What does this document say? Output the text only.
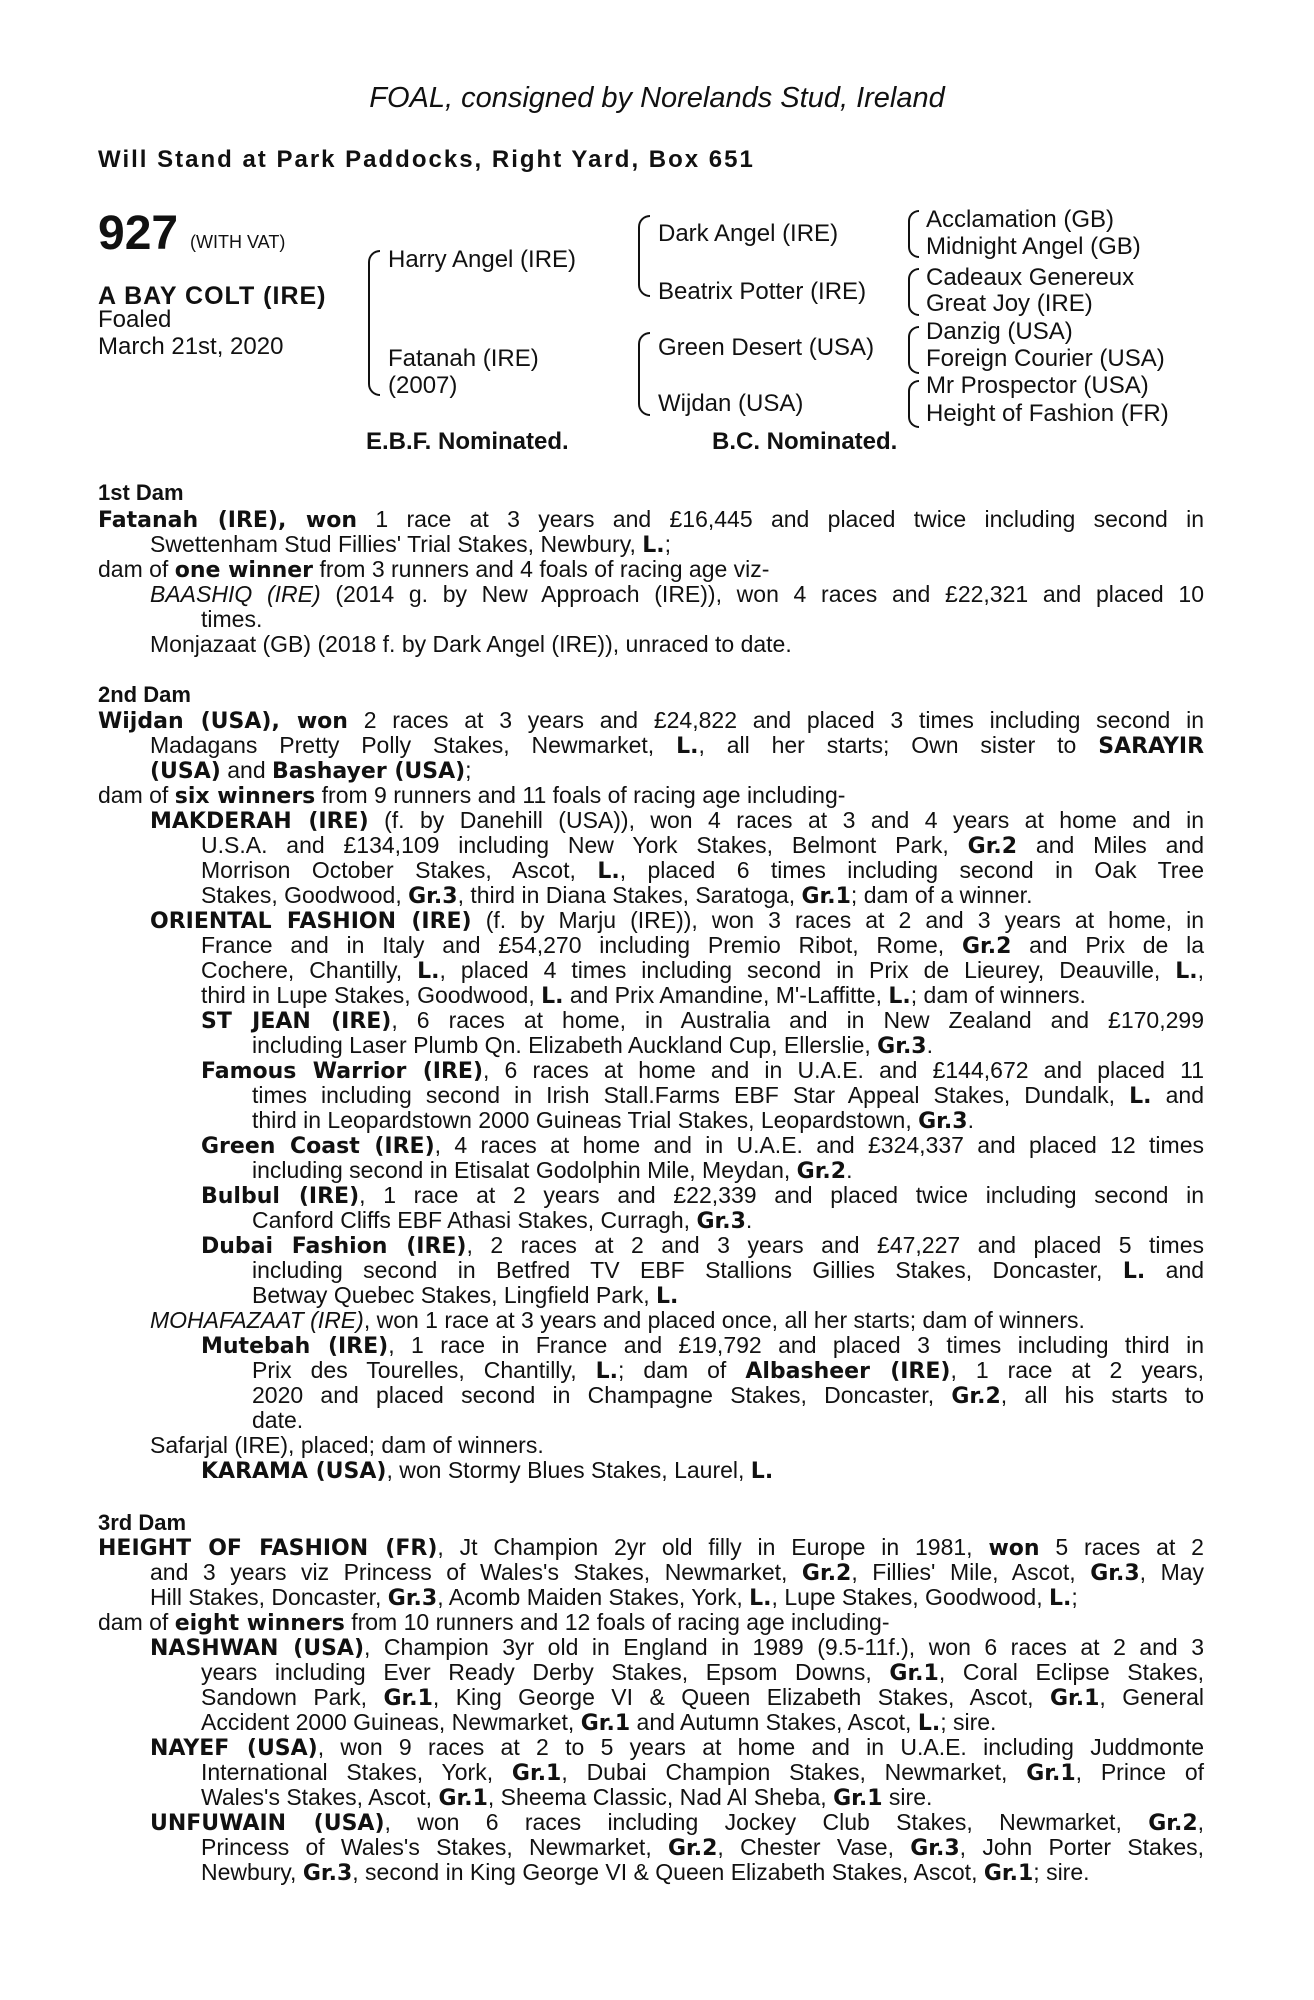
FOAL, consigned by Norelands Stud, Ireland
Will Stand at Park Paddocks, Right Yard, Box 651
927 (WITH VAT)
A BAY COLT (IRE)
Foaled
March 21st, 2020
Harry Angel (IRE)
Fatanah (IRE)
(2007)
Dark Angel (IRE)
Beatrix Potter (IRE)
Green Desert (USA)
Wijdan (USA)
Acclamation (GB)
Midnight Angel (GB)
Cadeaux Genereux
Great Joy (IRE)
Danzig (USA)
Foreign Courier (USA)
Mr Prospector (USA)
Height of Fashion (FR)
E.B.F. Nominated.	B.C. Nominated.
1st Dam
Fatanah (IRE), won 1 race at 3 years and £16,445 and placed twice including second in
Swettenham Stud Fillies' Trial Stakes, Newbury, L.;
dam of one winner from 3 runners and 4 foals of racing age viz-
BAASHIQ (IRE) (2014 g. by New Approach (IRE)), won 4 races and £22,321 and placed 10
times.
Monjazaat (GB) (2018 f. by Dark Angel (IRE)), unraced to date.
2nd Dam
Wijdan (USA), won 2 races at 3 years and £24,822 and placed 3 times including second in
Madagans Pretty Polly Stakes, Newmarket, L., all her starts; Own sister to SARAYIR
(USA) and Bashayer (USA);
dam of six winners from 9 runners and 11 foals of racing age including-
MAKDERAH (IRE) (f. by Danehill (USA)), won 4 races at 3 and 4 years at home and in
U.S.A. and £134,109 including New York Stakes, Belmont Park, Gr.2 and Miles and
Morrison October Stakes, Ascot, L., placed 6 times including second in Oak Tree
Stakes, Goodwood, Gr.3, third in Diana Stakes, Saratoga, Gr.1; dam of a winner.
ORIENTAL FASHION (IRE) (f. by Marju (IRE)), won 3 races at 2 and 3 years at home, in
France and in Italy and £54,270 including Premio Ribot, Rome, Gr.2 and Prix de la
Cochere, Chantilly, L., placed 4 times including second in Prix de Lieurey, Deauville, L.,
third in Lupe Stakes, Goodwood, L. and Prix Amandine, M'-Laffitte, L.; dam of winners.
ST JEAN (IRE), 6 races at home, in Australia and in New Zealand and £170,299
including Laser Plumb Qn. Elizabeth Auckland Cup, Ellerslie, Gr.3.
Famous Warrior (IRE), 6 races at home and in U.A.E. and £144,672 and placed 11
times including second in Irish Stall.Farms EBF Star Appeal Stakes, Dundalk, L. and
third in Leopardstown 2000 Guineas Trial Stakes, Leopardstown, Gr.3.
Green Coast (IRE), 4 races at home and in U.A.E. and £324,337 and placed 12 times
including second in Etisalat Godolphin Mile, Meydan, Gr.2.
Bulbul (IRE), 1 race at 2 years and £22,339 and placed twice including second in
Canford Cliffs EBF Athasi Stakes, Curragh, Gr.3.
Dubai Fashion (IRE), 2 races at 2 and 3 years and £47,227 and placed 5 times
including second in Betfred TV EBF Stallions Gillies Stakes, Doncaster, L. and
Betway Quebec Stakes, Lingfield Park, L.
MOHAFAZAAT (IRE), won 1 race at 3 years and placed once, all her starts; dam of winners.
Mutebah (IRE), 1 race in France and £19,792 and placed 3 times including third in
Prix des Tourelles, Chantilly, L.; dam of Albasheer (IRE), 1 race at 2 years,
2020 and placed second in Champagne Stakes, Doncaster, Gr.2, all his starts to
date.
Safarjal (IRE), placed; dam of winners.
KARAMA (USA), won Stormy Blues Stakes, Laurel, L.
3rd Dam
HEIGHT OF FASHION (FR), Jt Champion 2yr old filly in Europe in 1981, won 5 races at 2
and 3 years viz Princess of Wales's Stakes, Newmarket, Gr.2, Fillies' Mile, Ascot, Gr.3, May
Hill Stakes, Doncaster, Gr.3, Acomb Maiden Stakes, York, L., Lupe Stakes, Goodwood, L.;
dam of eight winners from 10 runners and 12 foals of racing age including-
NASHWAN (USA), Champion 3yr old in England in 1989 (9.5-11f.), won 6 races at 2 and 3
years including Ever Ready Derby Stakes, Epsom Downs, Gr.1, Coral Eclipse Stakes,
Sandown Park, Gr.1, King George VI & Queen Elizabeth Stakes, Ascot, Gr.1, General
Accident 2000 Guineas, Newmarket, Gr.1 and Autumn Stakes, Ascot, L.; sire.
NAYEF (USA), won 9 races at 2 to 5 years at home and in U.A.E. including Juddmonte
International Stakes, York, Gr.1, Dubai Champion Stakes, Newmarket, Gr.1, Prince of
Wales's Stakes, Ascot, Gr.1, Sheema Classic, Nad Al Sheba, Gr.1 sire.
UNFUWAIN (USA), won 6 races including Jockey Club Stakes, Newmarket, Gr.2,
Princess of Wales's Stakes, Newmarket, Gr.2, Chester Vase, Gr.3, John Porter Stakes,
Newbury, Gr.3, second in King George VI & Queen Elizabeth Stakes, Ascot, Gr.1; sire.
